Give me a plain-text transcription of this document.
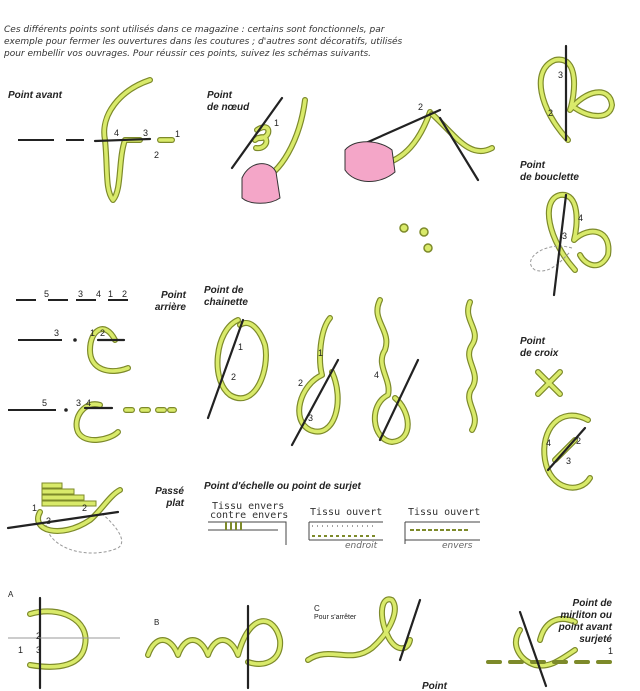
Ces différents points sont utilisés dans ce magazine : certains sont fonctionnels, par
exemple pour fermer les ouvertures dans les coutures ; d'autres sont décoratifs, utilisés
pour embellir vos ouvrages. Pour réussir ces points, suivez les schémas suivants.
Point avant	Point
de nœud
Point
de bouclette
Point
arrière
Point de
chainette
Point
de croix
Passé
plat
Point d'échelle ou point de surjet
Point de
mirliton ou
point avant
surjeté
Point
Tissu envers
contre envers Tissu ouvert
endroit
Tissu ouvert
envers
A
B
C
Pour s'arrêter
4	3	1
2
1
2
3
2
4
3
5	3 4 1 2
3	1 2
5	3 4
1
2
1
2
3
4
4	2
3
1	2
3
2
1 3	1
